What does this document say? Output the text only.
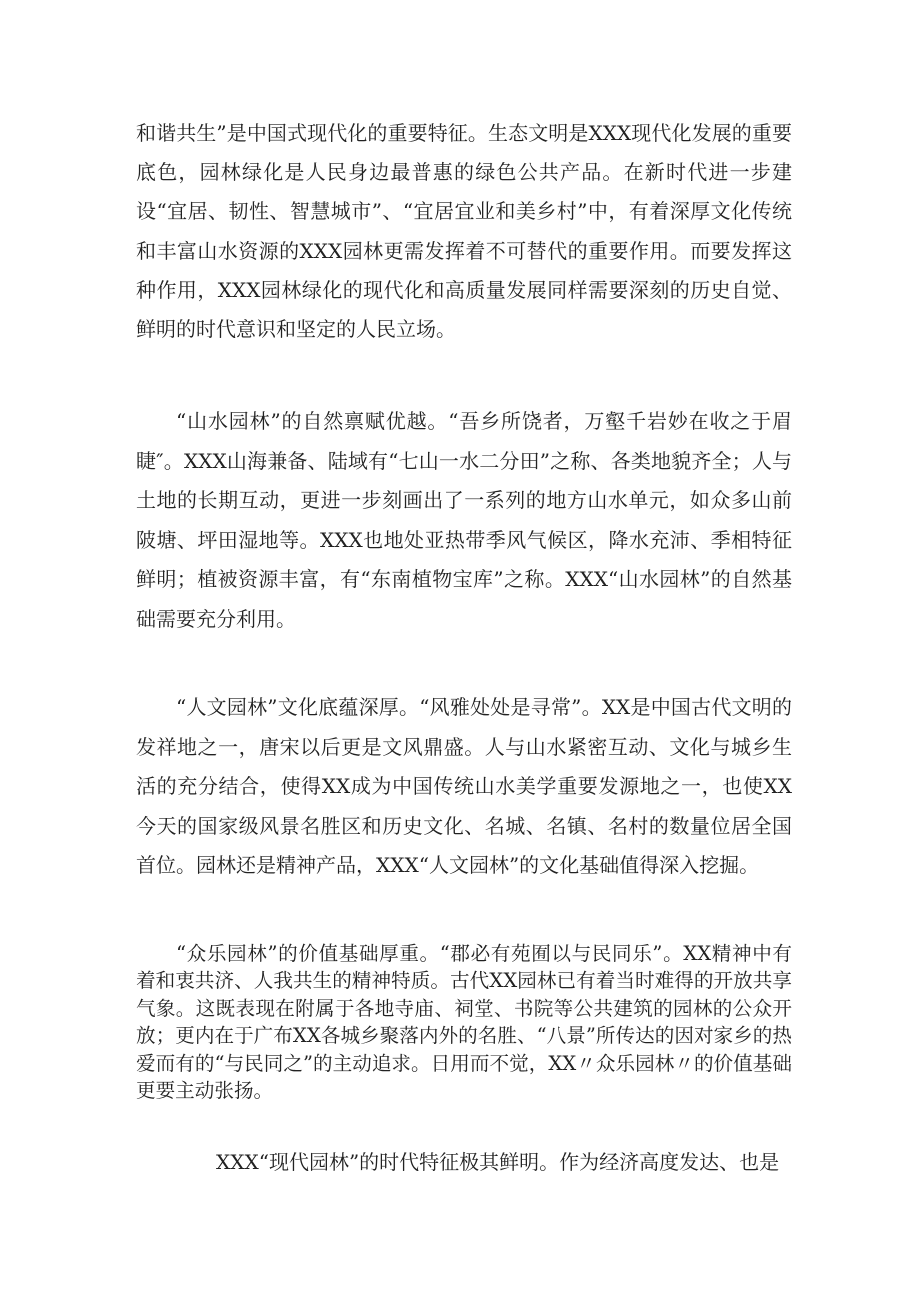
和谐共生”是中国式现代化的重要特征。生态文明是XXX现代化发展的重要底色，园林绿化是人民身边最普惠的绿色公共产品。在新时代进一步建设“宜居、韧性、智慧城市”、“宜居宜业和美乡村”中，有着深厚文化传统和丰富山水资源的XXX园林更需发挥着不可替代的重要作用。而要发挥这种作用，XXX园林绿化的现代化和高质量发展同样需要深刻的历史自觉、鲜明的时代意识和坚定的人民立场。

“山水园林”的自然禀赋优越。“吾乡所饶者，万壑千岩妙在收之于眉睫″。XXX山海兼备、陆域有“七山一水二分田”之称、各类地貌齐全；人与土地的长期互动，更进一步刻画出了一系列的地方山水单元，如众多山前陂塘、坪田湿地等。XXX也地处亚热带季风气候区，降水充沛、季相特征鲜明；植被资源丰富，有“东南植物宝库”之称。XXX“山水园林”的自然基础需要充分利用。

“人文园林”文化底蕴深厚。“风雅处处是寻常”。XX是中国古代文明的发祥地之一，唐宋以后更是文风鼎盛。人与山水紧密互动、文化与城乡生活的充分结合，使得XX成为中国传统山水美学重要发源地之一，也使XX今天的国家级风景名胜区和历史文化、名城、名镇、名村的数量位居全国首位。园林还是精神产品，XXX“人文园林”的文化基础值得深入挖掘。

“众乐园林”的价值基础厚重。“郡必有苑囿以与民同乐”。XX精神中有着和衷共济、人我共生的精神特质。古代XX园林已有着当时难得的开放共享气象。这既表现在附属于各地寺庙、祠堂、书院等公共建筑的园林的公众开放；更内在于广布XX各城乡聚落内外的名胜、“八景”所传达的因对家乡的热爱而有的“与民同之”的主动追求。日用而不觉，XX〃众乐园林〃的价值基础更要主动张扬。

XXX“现代园林”的时代特征极其鲜明。作为经济高度发达、也是
